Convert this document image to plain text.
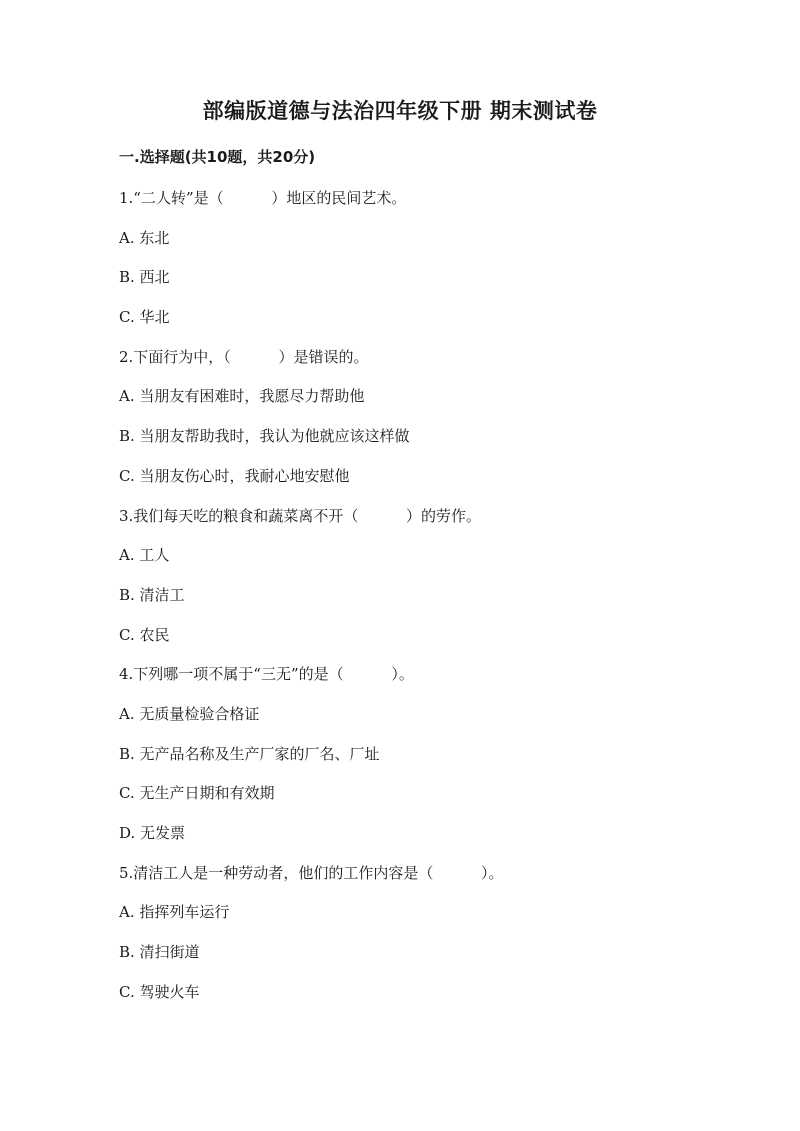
部编版道德与法治四年级下册 期末测试卷
一.选择题(共10题，共20分)
1.“二人转”是（          ）地区的民间艺术。
A. 东北
B. 西北
C. 华北
2.下面行为中，（          ）是错误的。
A. 当朋友有困难时，我愿尽力帮助他
B. 当朋友帮助我时，我认为他就应该这样做
C. 当朋友伤心时，我耐心地安慰他
3.我们每天吃的粮食和蔬菜离不开（          ）的劳作。
A. 工人
B. 清洁工
C. 农民
4.下列哪一项不属于“三无”的是（          ）。
A. 无质量检验合格证
B. 无产品名称及生产厂家的厂名、厂址
C. 无生产日期和有效期
D. 无发票
5.清洁工人是一种劳动者，他们的工作内容是（          ）。
A. 指挥列车运行
B. 清扫街道
C. 驾驶火车
